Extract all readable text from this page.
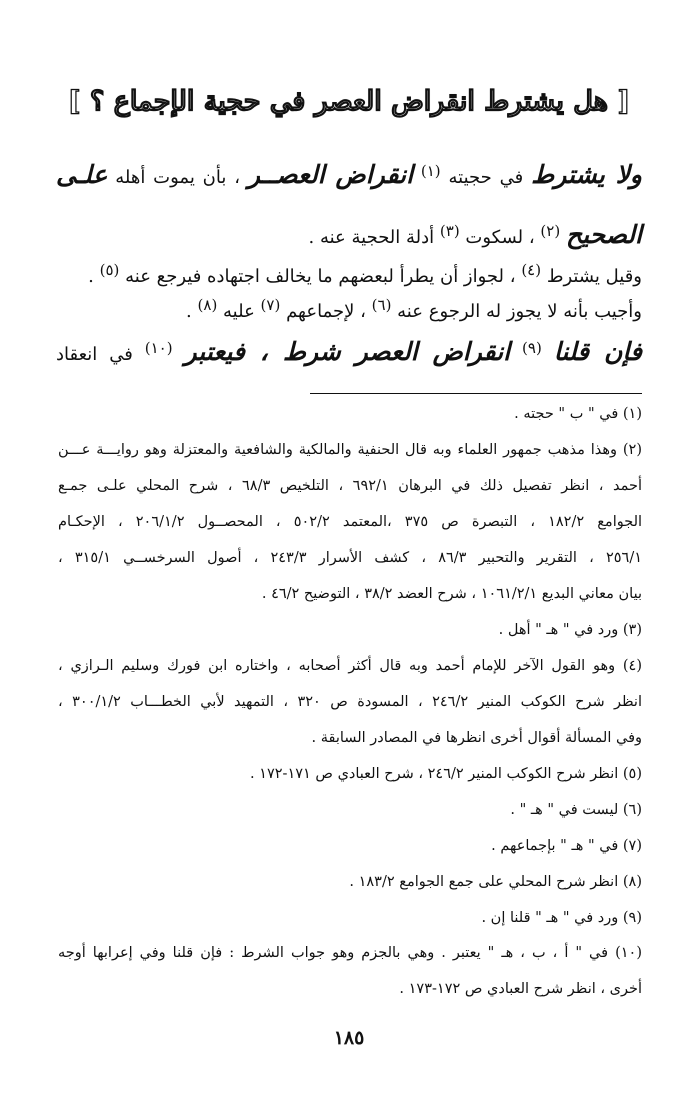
[ هل يشترط انقراض العصر في حجية الإجماع ؟ ]
ولا يشترط في حجيته $^{(١)}$ انقراض العصــر ، بأن يموت أهله علـى
الصحيح $^{(٢)}$ ، لسكوت $^{(٣)}$ أدلة الحجية عنه .
وقيل يشترط $^{(٤)}$ ، لجواز أن يطرأ لبعضهم ما يخالف اجتهاده فيرجع عنه $^{(٥)}$ .
وأجيب بأنه لا يجوز له الرجوع عنه $^{(٦)}$ ، لإجماعهم $^{(٧)}$ عليه $^{(٨)}$ .
فإن قلنا $^{(٩)}$ انقراض العصر شرط ، فيعتبر $^{(١٠)}$ في انعقاد
(١) في " ب " حجته .
(٢) وهذا مذهب جمهور العلماء وبه قال الحنفية والمالكية والشافعية والمعتزلة وهو روايـــة عـــن
أحمد ، انظر تفصيل ذلك في البرهان ٦٩٢/١ ، التلخيص ٦٨/٣ ، شرح المحلي علـى جمـع
الجوامع ١٨٢/٢ ، التبصرة ص ٣٧٥ ،المعتمد ٥٠٢/٢ ، المحصــول ٢٠٦/١/٢ ، الإحكـام
٢٥٦/١ ، التقرير والتحبير ٨٦/٣ ، كشف الأسرار ٢٤٣/٣ ، أصول السرخســي ٣١٥/١ ،
بيان معاني البديع ١٠٦١/٢/١ ، شرح العضد ٣٨/٢ ، التوضيح ٤٦/٢ .
(٣) ورد في " هـ " أهل .
(٤) وهو القول الآخر للإمام أحمد وبه قال أكثر أصحابه ، واختاره ابن فورك وسليم الـرازي ،
انظر شرح الكوكب المنير ٢٤٦/٢ ، المسودة ص ٣٢٠ ، التمهيد لأبي الخطـــاب ٣٠٠/١/٢ ،
وفي المسألة أقوال أخرى انظرها في المصادر السابقة .
(٥) انظر شرح الكوكب المنير ٢٤٦/٢ ، شرح العبادي ص ١٧١-١٧٢ .
(٦) ليست في " هـ " .
(٧) في " هـ " بإجماعهم .
(٨) انظر شرح المحلي على جمع الجوامع ١٨٣/٢ .
(٩) ورد في " هـ " قلنا إن .
(١٠) في " أ ، ب ، هـ " يعتبر . وهي بالجزم وهو جواب الشرط : فإن قلنا وفي إعرابها أوجه
أخرى ، انظر شرح العبادي ص ١٧٢-١٧٣ .
١٨٥
